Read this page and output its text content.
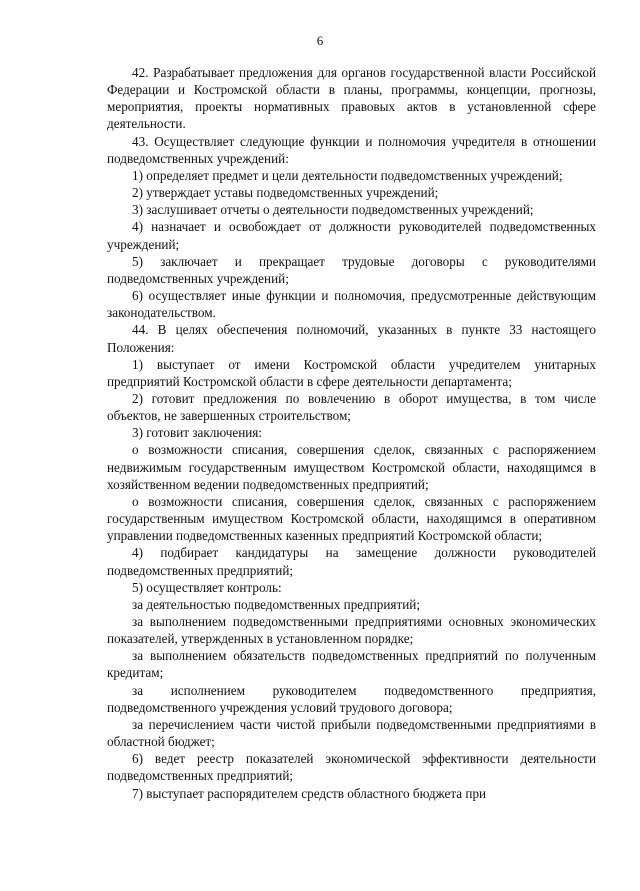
6

42. Разрабатывает предложения для органов государственной власти Российской Федерации и Костромской области в планы, программы, концепции, прогнозы, мероприятия, проекты нормативных правовых актов в установленной сфере деятельности.

43. Осуществляет следующие функции и полномочия учредителя в отношении подведомственных учреждений:

1) определяет предмет и цели деятельности подведомственных учреждений;

2) утверждает уставы подведомственных учреждений;

3) заслушивает отчеты о деятельности подведомственных учреждений;

4) назначает и освобождает от должности руководителей подведомственных учреждений;

5) заключает и прекращает трудовые договоры с руководителями подведомственных учреждений;

6) осуществляет иные функции и полномочия, предусмотренные действующим законодательством.

44. В целях обеспечения полномочий, указанных в пункте 33 настоящего Положения:

1) выступает от имени Костромской области учредителем унитарных предприятий Костромской области в сфере деятельности департамента;

2) готовит предложения по вовлечению в оборот имущества, в том числе объектов, не завершенных строительством;

3) готовит заключения:

о возможности списания, совершения сделок, связанных с распоряжением недвижимым государственным имуществом Костромской области, находящимся в хозяйственном ведении подведомственных предприятий;

о возможности списания, совершения сделок, связанных с распоряжением государственным имуществом Костромской области, находящимся в оперативном управлении подведомственных казенных предприятий Костромской области;

4) подбирает кандидатуры на замещение должности руководителей подведомственных предприятий;

5) осуществляет контроль:

за деятельностью подведомственных предприятий;

за выполнением подведомственными предприятиями основных экономических показателей, утвержденных в установленном порядке;

за выполнением обязательств подведомственных предприятий по полученным кредитам;

за исполнением руководителем подведомственного предприятия, подведомственного учреждения условий трудового договора;

за перечислением части чистой прибыли подведомственными предприятиями в областной бюджет;

6) ведет реестр показателей экономической эффективности деятельности подведомственных предприятий;

7) выступает распорядителем средств областного бюджета при
